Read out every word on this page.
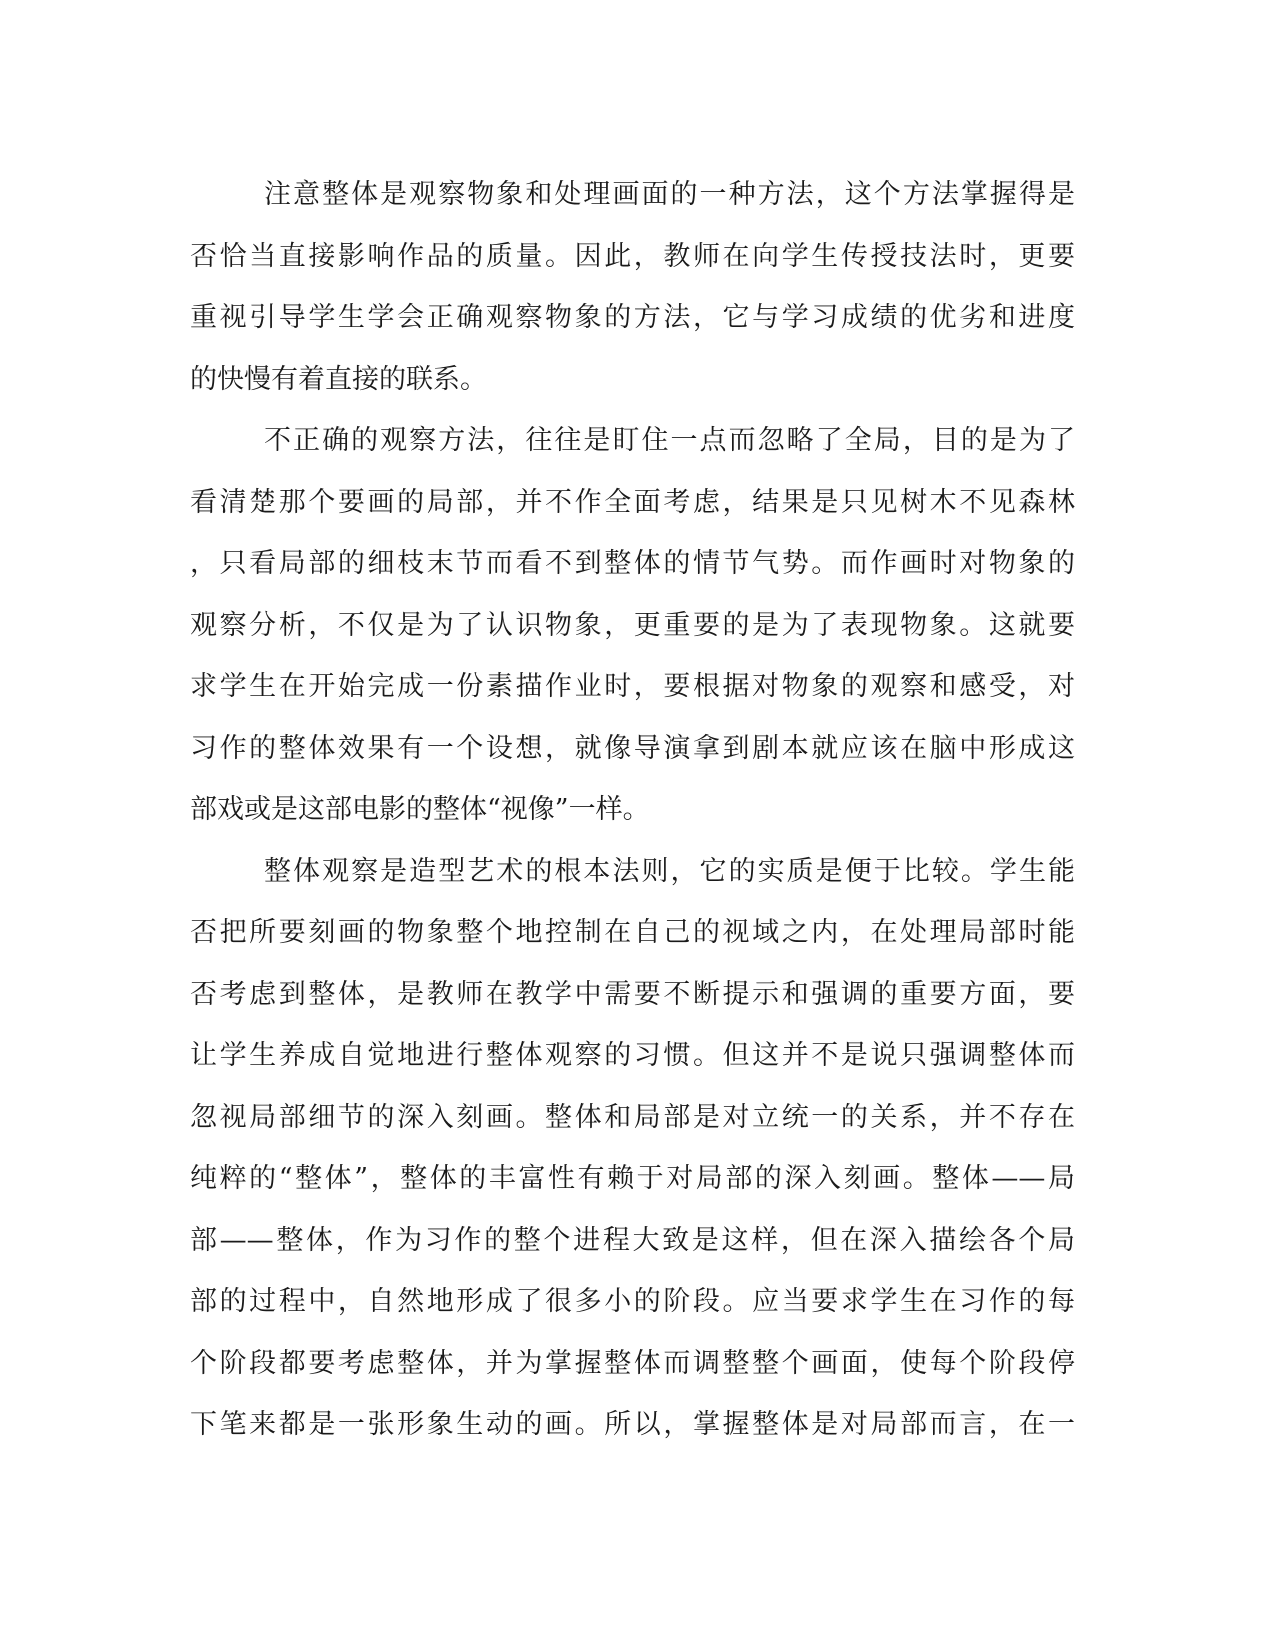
注意整体是观察物象和处理画面的一种方法，这个方法掌握得是
否恰当直接影响作品的质量。因此，教师在向学生传授技法时，更要
重视引导学生学会正确观察物象的方法，它与学习成绩的优劣和进度
的快慢有着直接的联系。
不正确的观察方法，往往是盯住一点而忽略了全局，目的是为了
看清楚那个要画的局部，并不作全面考虑，结果是只见树木不见森林
，只看局部的细枝末节而看不到整体的情节气势。而作画时对物象的
观察分析，不仅是为了认识物象，更重要的是为了表现物象。这就要
求学生在开始完成一份素描作业时，要根据对物象的观察和感受，对
习作的整体效果有一个设想，就像导演拿到剧本就应该在脑中形成这
部戏或是这部电影的整体“视像”一样。
整体观察是造型艺术的根本法则，它的实质是便于比较。学生能
否把所要刻画的物象整个地控制在自己的视域之内，在处理局部时能
否考虑到整体，是教师在教学中需要不断提示和强调的重要方面，要
让学生养成自觉地进行整体观察的习惯。但这并不是说只强调整体而
忽视局部细节的深入刻画。整体和局部是对立统一的关系，并不存在
纯粹的“整体”，整体的丰富性有赖于对局部的深入刻画。整体——局
部——整体，作为习作的整个进程大致是这样，但在深入描绘各个局
部的过程中，自然地形成了很多小的阶段。应当要求学生在习作的每
个阶段都要考虑整体，并为掌握整体而调整整个画面，使每个阶段停
下笔来都是一张形象生动的画。所以，掌握整体是对局部而言，在一
